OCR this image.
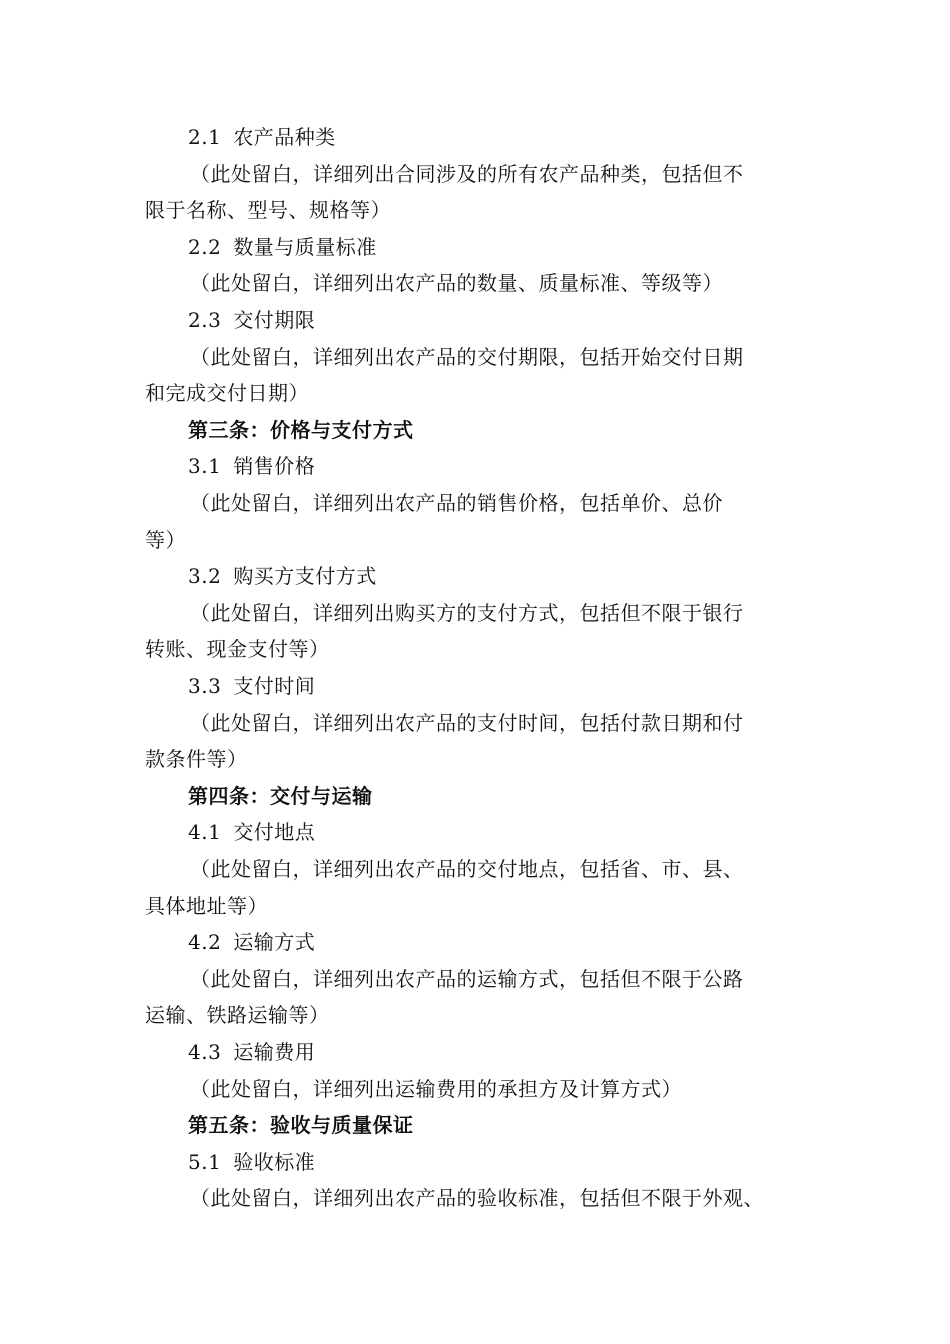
2.1 农产品种类
（此处留白，详细列出合同涉及的所有农产品种类，包括但不
限于名称、型号、规格等）
2.2 数量与质量标准
（此处留白，详细列出农产品的数量、质量标准、等级等）
2.3 交付期限
（此处留白，详细列出农产品的交付期限，包括开始交付日期
和完成交付日期）
第三条：价格与支付方式
3.1 销售价格
（此处留白，详细列出农产品的销售价格，包括单价、总价
等）
3.2 购买方支付方式
（此处留白，详细列出购买方的支付方式，包括但不限于银行
转账、现金支付等）
3.3 支付时间
（此处留白，详细列出农产品的支付时间，包括付款日期和付
款条件等）
第四条：交付与运输
4.1 交付地点
（此处留白，详细列出农产品的交付地点，包括省、市、县、
具体地址等）
4.2 运输方式
（此处留白，详细列出农产品的运输方式，包括但不限于公路
运输、铁路运输等）
4.3 运输费用
（此处留白，详细列出运输费用的承担方及计算方式）
第五条：验收与质量保证
5.1 验收标准
（此处留白，详细列出农产品的验收标准，包括但不限于外观、
